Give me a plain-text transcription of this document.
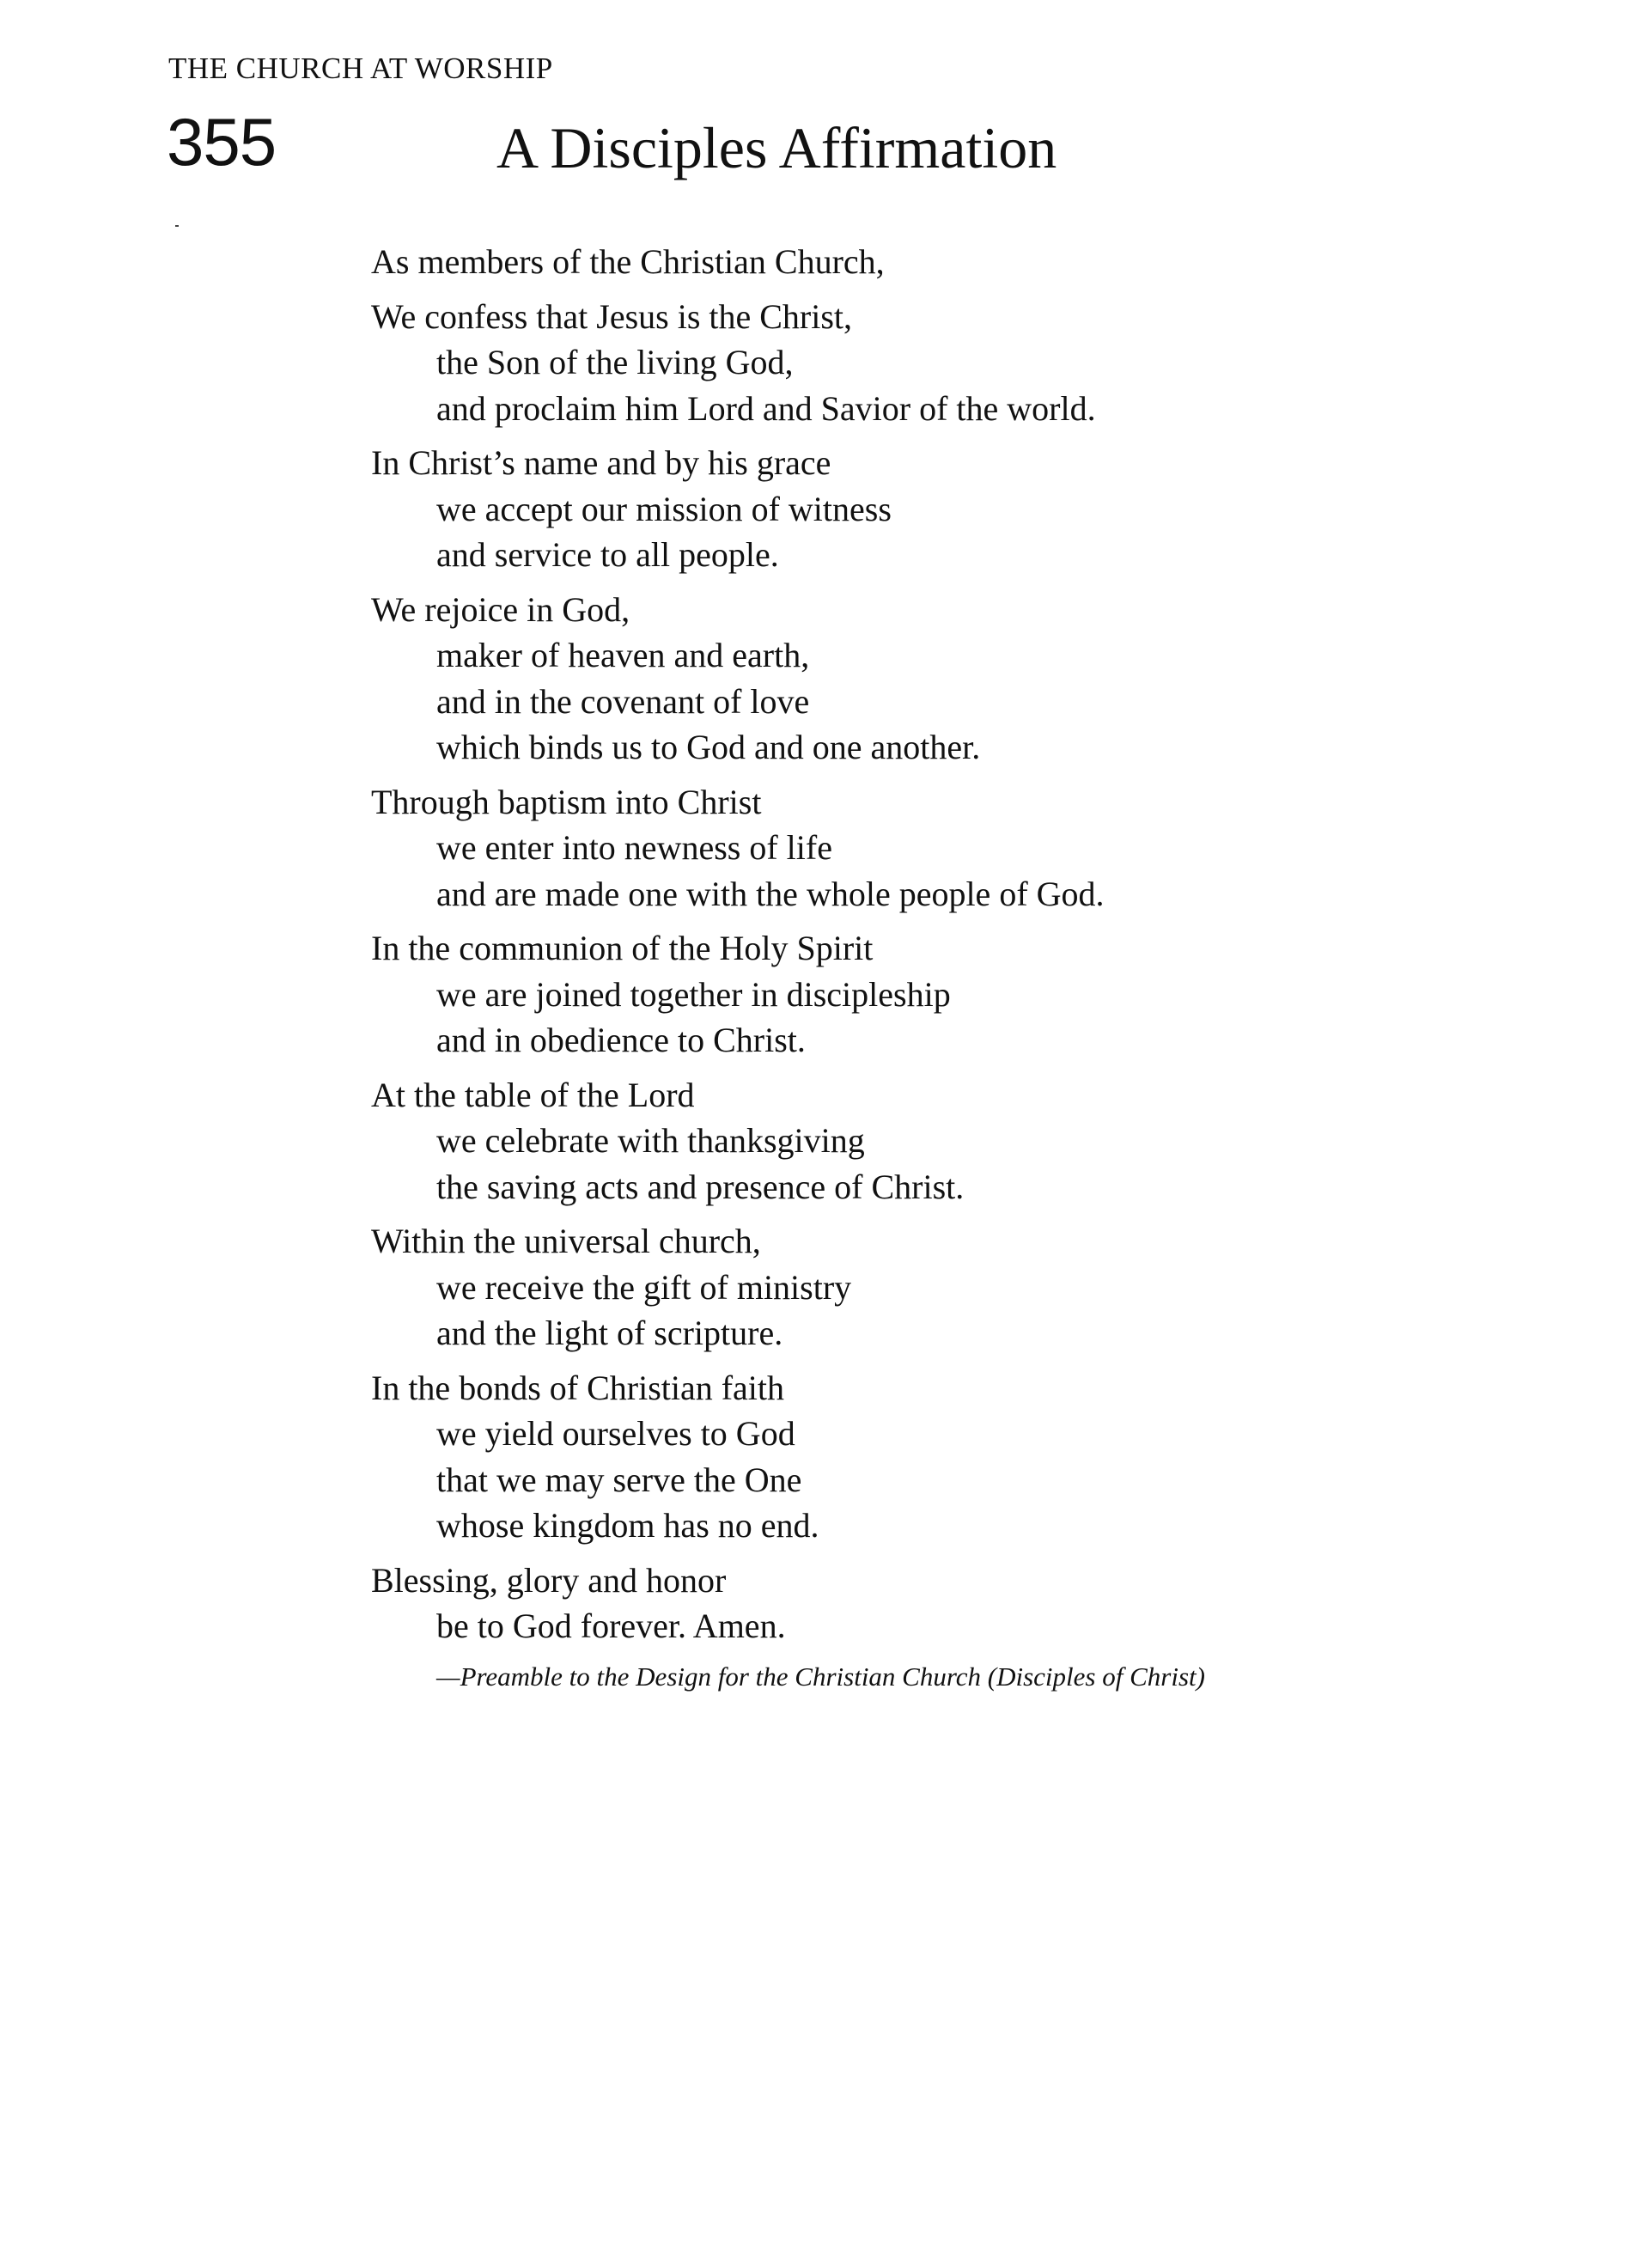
THE CHURCH AT WORSHIP
355	A Disciples Affirmation
As members of the Christian Church,
We confess that Jesus is the Christ,
the Son of the living God,
and proclaim him Lord and Savior of the world.
In Christ’s name and by his grace
we accept our mission of witness
and service to all people.
We rejoice in God,
maker of heaven and earth,
and in the covenant of love
which binds us to God and one another.
Through baptism into Christ
we enter into newness of life
and are made one with the whole people of God.
In the communion of the Holy Spirit
we are joined together in discipleship
and in obedience to Christ.
At the table of the Lord
we celebrate with thanksgiving
the saving acts and presence of Christ.
Within the universal church,
we receive the gift of ministry
and the light of scripture.
In the bonds of Christian faith
we yield ourselves to God
that we may serve the One
whose kingdom has no end.
Blessing, glory and honor
be to God forever. Amen.
—Preamble to the Design for the Christian Church (Disciples of Christ)
